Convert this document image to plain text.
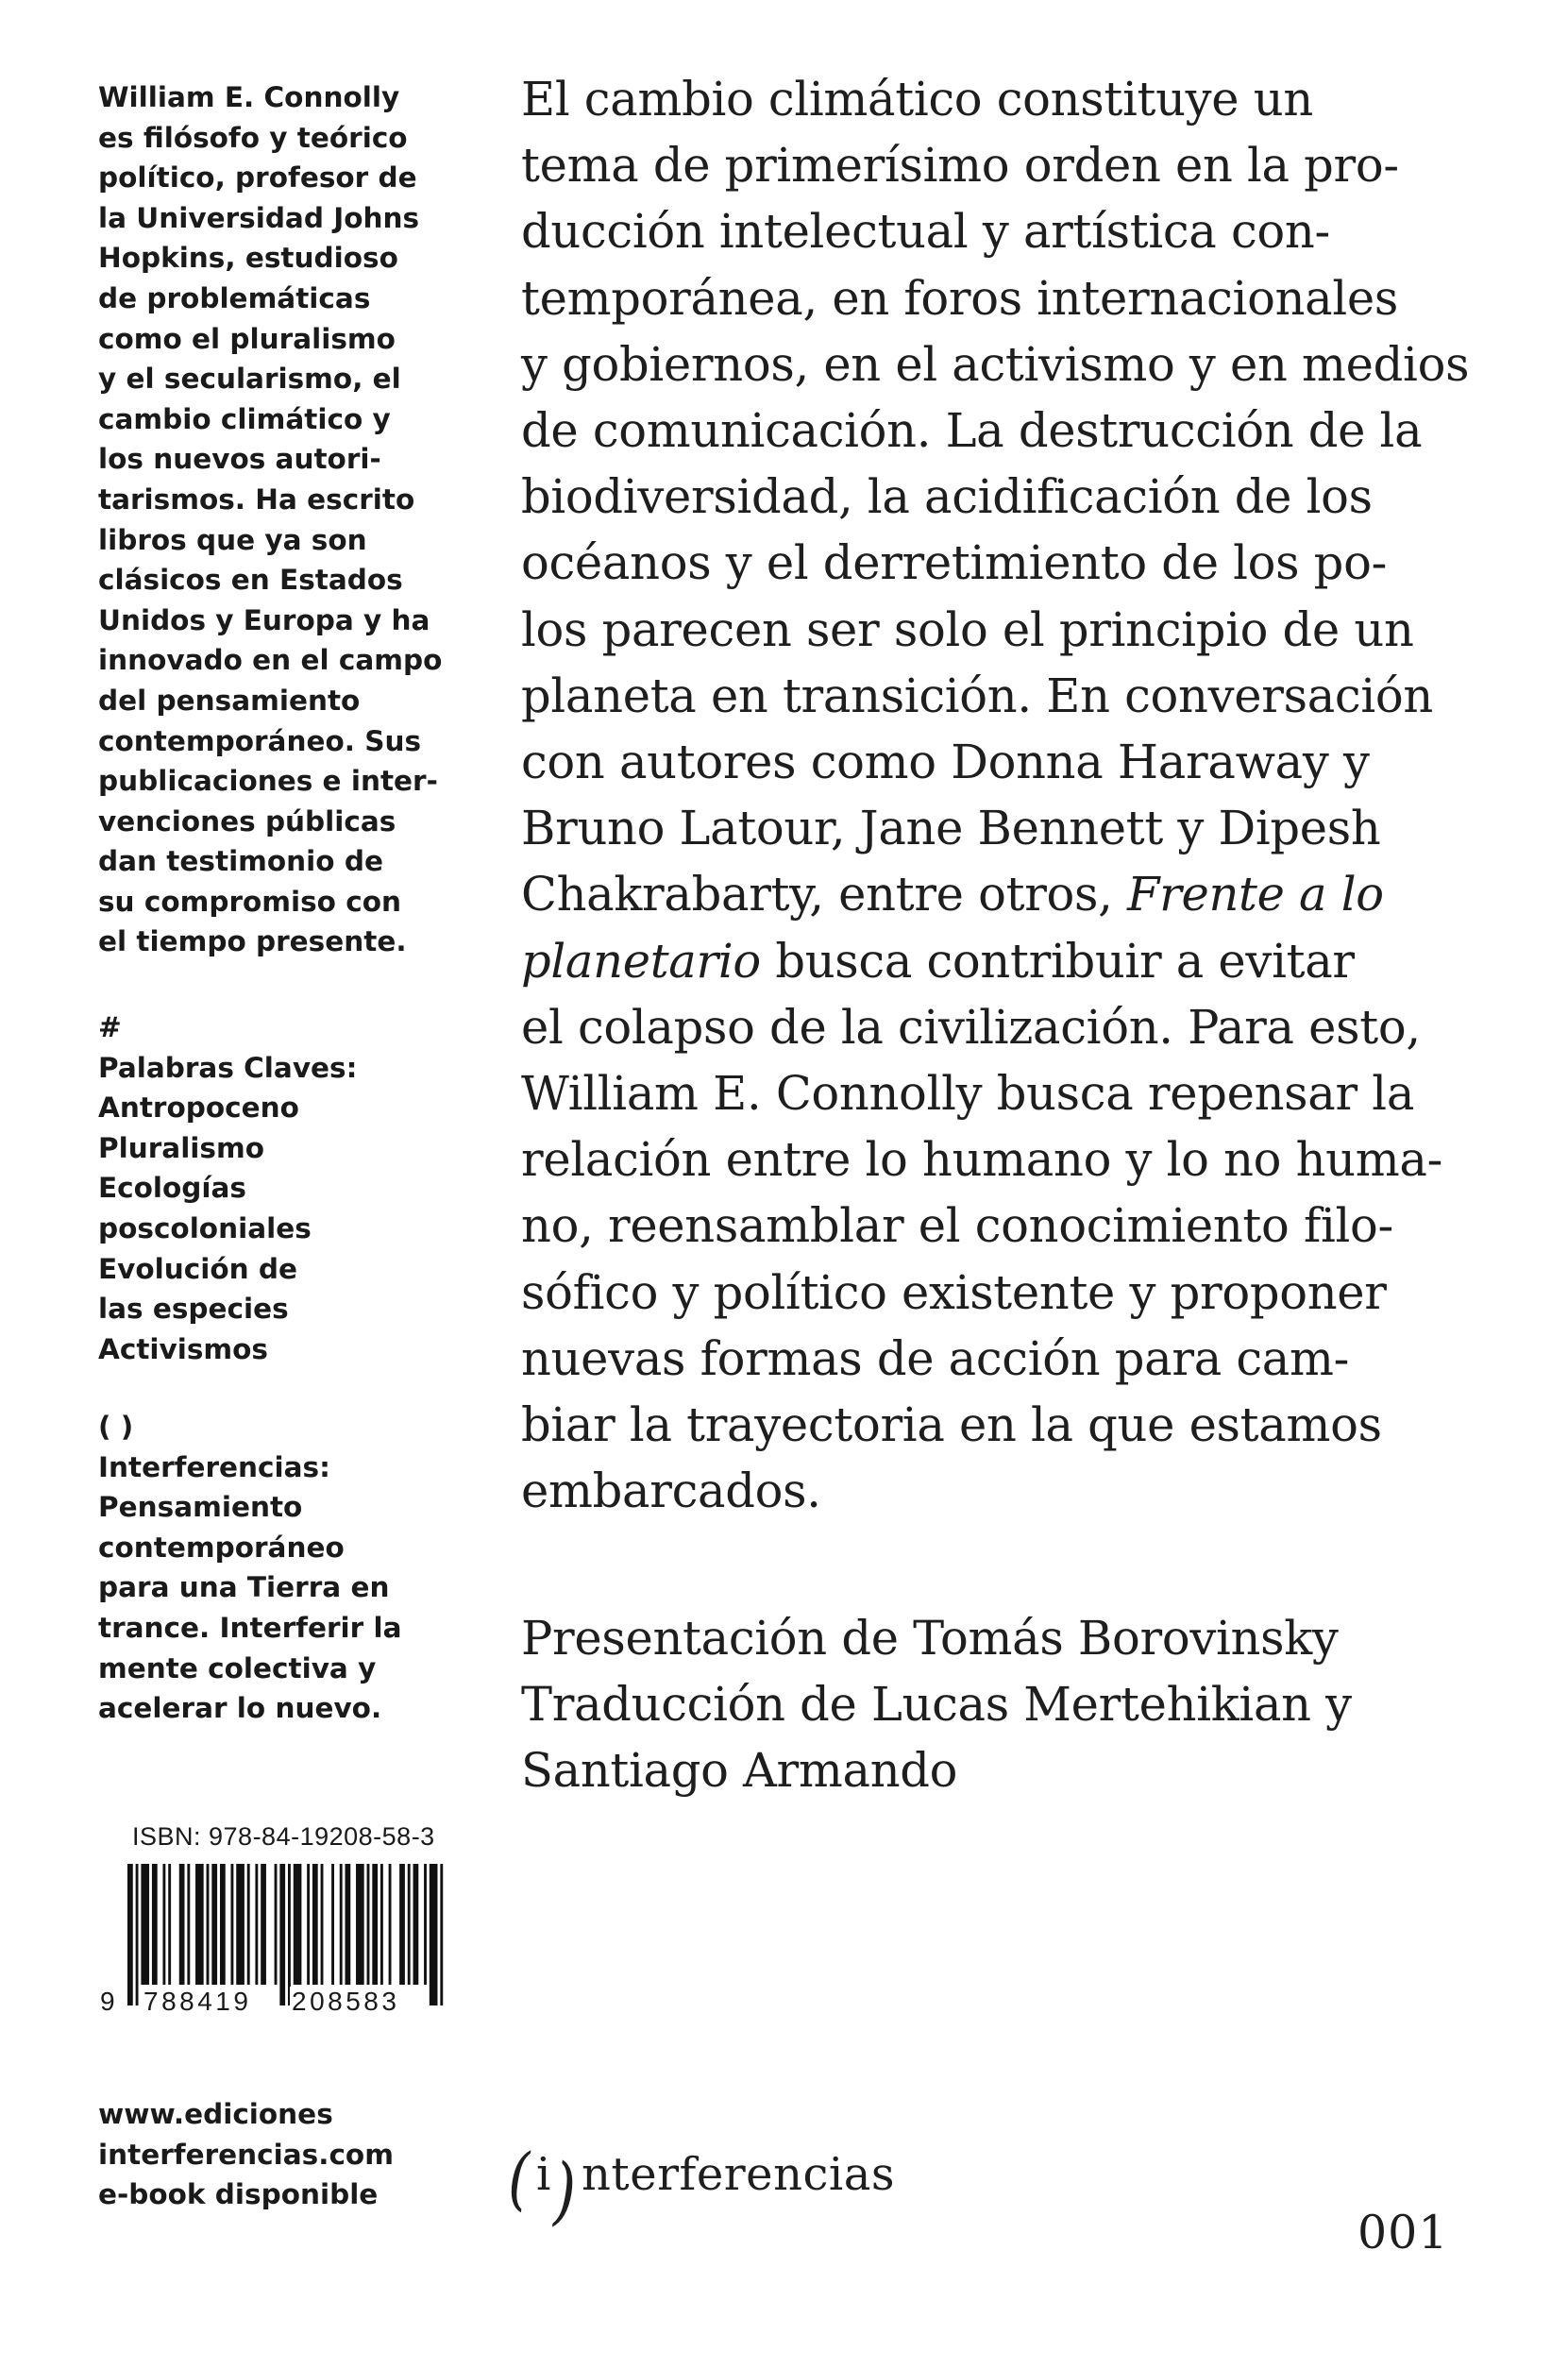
William E. Connolly
es filósofo y teórico
político, profesor de
la Universidad Johns
Hopkins, estudioso
de problemáticas
como el pluralismo
y el secularismo, el
cambio climático y
los nuevos autori-
tarismos. Ha escrito
libros que ya son
clásicos en Estados
Unidos y Europa y ha
innovado en el campo
del pensamiento
contemporáneo. Sus
publicaciones e inter-
venciones públicas
dan testimonio de
su compromiso con
el tiempo presente.
#
Palabras Claves:
Antropoceno
Pluralismo
Ecologías
poscoloniales
Evolución de
las especies
Activismos
( )
Interferencias:
Pensamiento
contemporáneo
para una Tierra en
trance. Interferir la
mente colectiva y
acelerar lo nuevo.
El cambio climático constituye un
tema de primerísimo orden en la pro-
ducción intelectual y artística con-
temporánea, en foros internacionales
y gobiernos, en el activismo y en medios
de comunicación. La destrucción de la
biodiversidad, la acidificación de los
océanos y el derretimiento de los po-
los parecen ser solo el principio de un
planeta en transición. En conversación
con autores como Donna Haraway y
Bruno Latour, Jane Bennett y Dipesh
Chakrabarty, entre otros, Frente a lo
planetario busca contribuir a evitar
el colapso de la civilización. Para esto,
William E. Connolly busca repensar la
relación entre lo humano y lo no huma-
no, reensamblar el conocimiento filo-
sófico y político existente y proponer
nuevas formas de acción para cam-
biar la trayectoria en la que estamos
embarcados.
Presentación de Tomás Borovinsky
Traducción de Lucas Mertehikian y
Santiago Armando
ISBN: 978-84-19208-58-3
9 788419 208583
www.ediciones
interferencias.com
e-book disponible ( i ) nterferencias
001
